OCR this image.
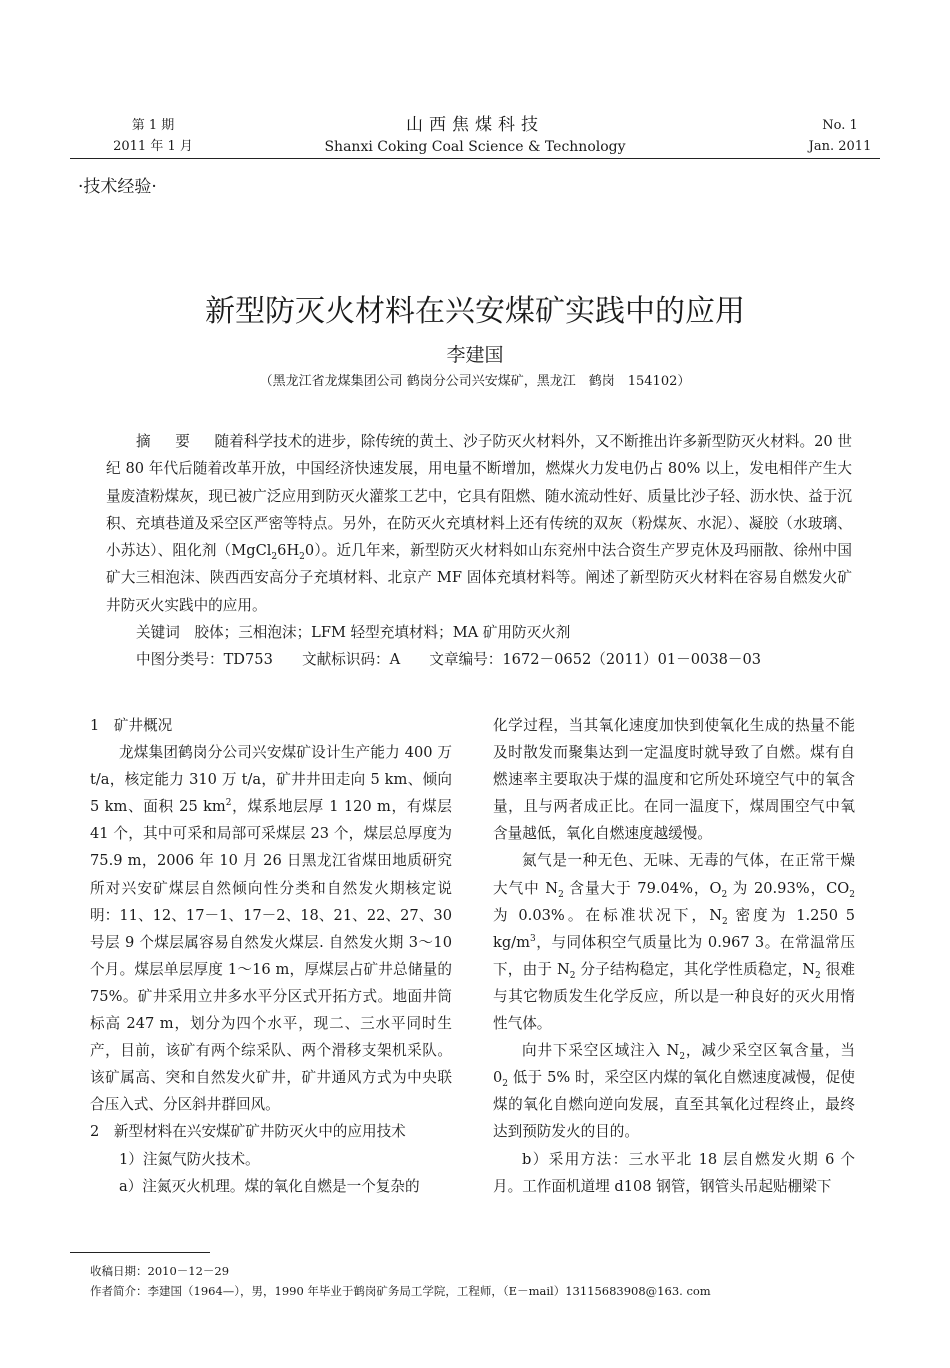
第 1 期
2011 年 1 月
山西焦煤科技
Shanxi Coking Coal Science & Technology
No. 1
Jan. 2011
·技术经验·
新型防灭火材料在兴安煤矿实践中的应用
李建国
（黑龙江省龙煤集团公司 鹤岗分公司兴安煤矿，黑龙江　鹤岗　154102）

摘 要　 随着科学技术的进步，除传统的黄土、沙子防灭火材料外，又不断推出许多新型防灭火材料。20 世纪 80 年代后随着改革开放，中国经济快速发展，用电量不断增加，燃煤火力发电仍占 80% 以上，发电相伴产生大量废渣粉煤灰，现已被广泛应用到防灭火灌浆工艺中，它具有阻燃、随水流动性好、质量比沙子轻、沥水快、益于沉积、充填巷道及采空区严密等特点。另外，在防灭火充填材料上还有传统的双灰（粉煤灰、水泥）、凝胶（水玻璃、小苏达）、阻化剂$(MgCl_26H_20)$。近几年来，新型防灭火材料如山东兖州中法合资生产罗克休及玛丽散、徐州中国矿大三相泡沫、陕西西安高分子充填材料、北京产 MF 固体充填材料等。阐述了新型防灭火材料在容易自燃发火矿井防灭火实践中的应用。

关键词　 胶体；三相泡沫；LFM 轻型充填材料；MA 矿用防灭火剂

中图分类号：TD753　　 文献标识码：A　　 文章编号：1672－0652（2011）01－0038－03

1　矿井概况

龙煤集团鹤岗分公司兴安煤矿设计生产能力 400 万 t/a，核定能力 310 万 t/a，矿井井田走向 5 km、倾向 5 km、面积 25 $km^2$，煤系地层厚 1 120 m，有煤层 41 个，其中可采和局部可采煤层 23 个，煤层总厚度为 75.9 m，2006 年 10 月 26 日黑龙江省煤田地质研究所对兴安矿煤层自然倾向性分类和自然发火期核定说明：11、12、17－1、17－2、18、21、22、27、30 号层 9 个煤层属容易自然发火煤层. 自然发火期 3～10 个月。煤层单层厚度 1～16 m，厚煤层占矿井总储量的 75%。矿井采用立井多水平分区式开拓方式。地面井筒标高 247 m，划分为四个水平，现二、三水平同时生产，目前，该矿有两个综采队、两个滑移支架机采队。该矿属高、突和自然发火矿井，矿井通风方式为中央联合压入式、分区斜井群回风。

2　新型材料在兴安煤矿矿井防灭火中的应用技术

1）注氮气防火技术。

a）注氮灭火机理。煤的氧化自燃是一个复杂的

化学过程，当其氧化速度加快到使氧化生成的热量不能及时散发而聚集达到一定温度时就导致了自燃。煤有自燃速率主要取决于煤的温度和它所处环境空气中的氧含量，且与两者成正比。在同一温度下，煤周围空气中氧含量越低，氧化自燃速度越缓慢。

氮气是一种无色、无味、无毒的气体，在正常干燥大气中 $N_2$ 含量大于 79.04%，$O_2$ 为 20.93%，$CO_2$ 为 0.03%。在标准状况下，$N_2$ 密度为 1.250 5 $kg/m^3$，与同体积空气质量比为 0.967 3。在常温常压下，由于 $N_2$ 分子结构稳定，其化学性质稳定，$N_2$ 很难与其它物质发生化学反应，所以是一种良好的灭火用惰性气体。

向井下采空区域注入 $N_2$，减少采空区氧含量，当 $0_2$ 低于 5% 时，采空区内煤的氧化自燃速度减慢，促使煤的氧化自燃向逆向发展，直至其氧化过程终止，最终达到预防发火的目的。

b）采用方法：三水平北 18 层自燃发火期 6 个月。工作面机道埋 d108 钢管，钢管头吊起贴棚梁下

收稿日期：2010－12－29
作者简介：李建国（1964—），男，1990 年毕业于鹤岗矿务局工学院，工程师，（E－mail）13115683908@163. com
